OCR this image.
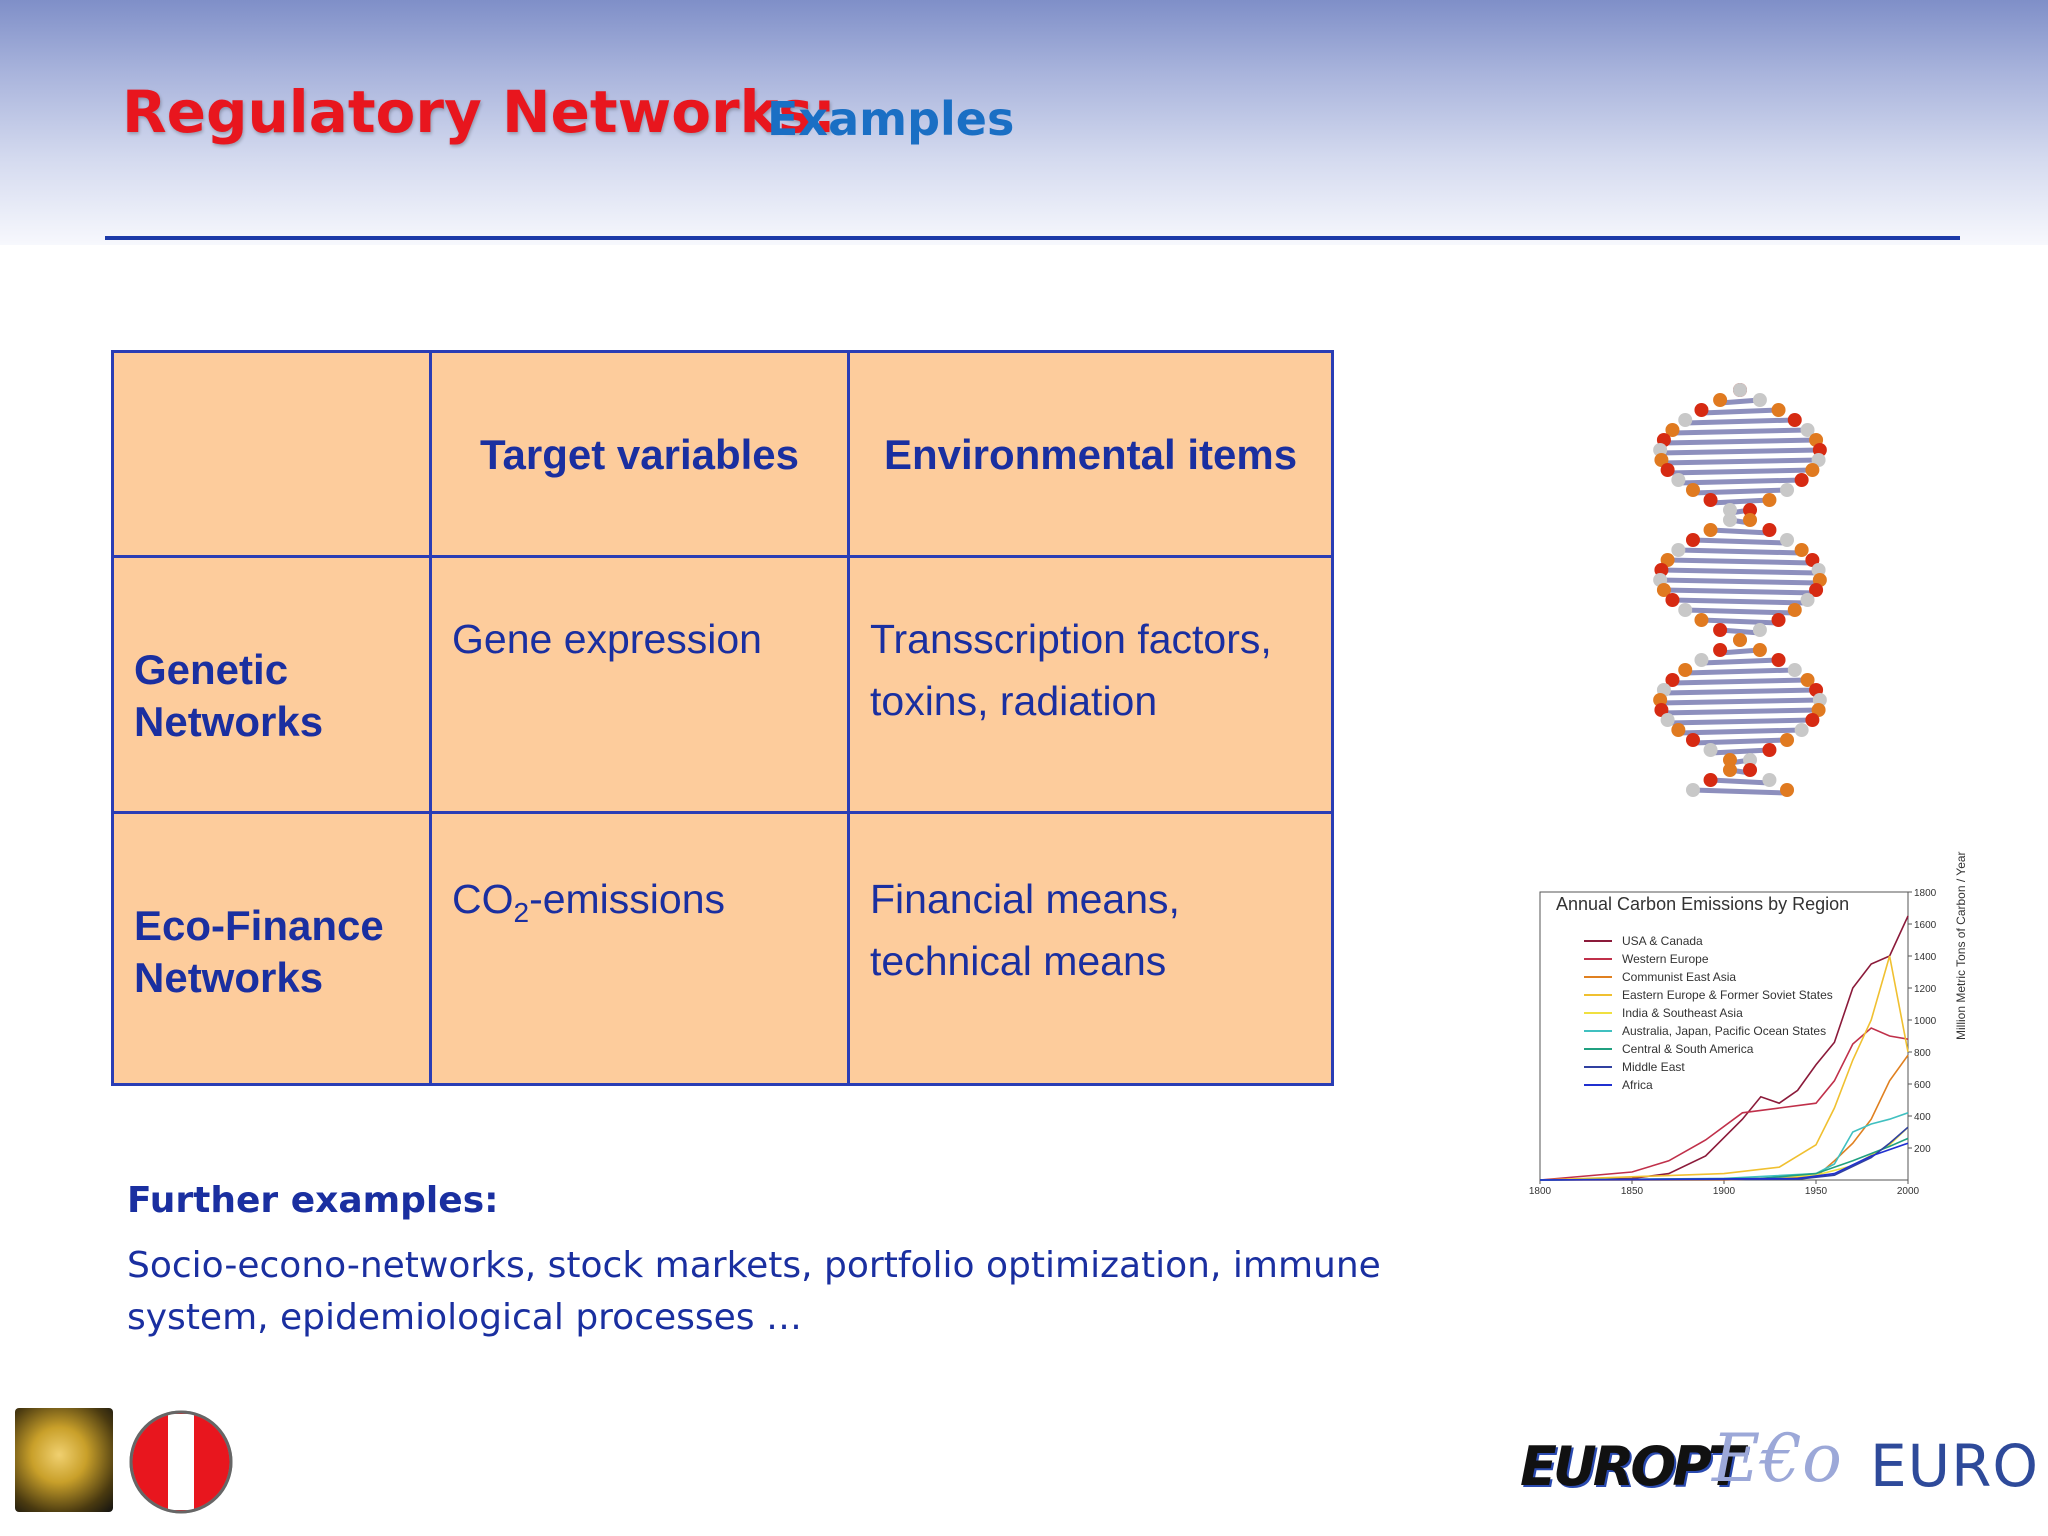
Regulatory Networks:
Examples
	Target variables	Environmental items
Genetic Networks	Gene expression	Transscription factors, toxins, radiation
Eco-Finance Networks	$CO_2$-emissions	Financial means, technical means
Further examples:
Socio-econo-networks, stock markets, portfolio optimization, immune system, epidemiological processes …
1800	1850	1900	1950	2000
200
400
600
800
1000
1200
1400
1600
1800
Annual Carbon Emissions by Region
USA & Canada
Western Europe
Communist East Asia
Eastern Europe & Former Soviet States
India & Southeast Asia
Australia, Japan, Pacific Ocean States
Central & South America
Middle East
Africa
Million Metric Tons of Carbon / Year
EUROPT
E€o EURO
